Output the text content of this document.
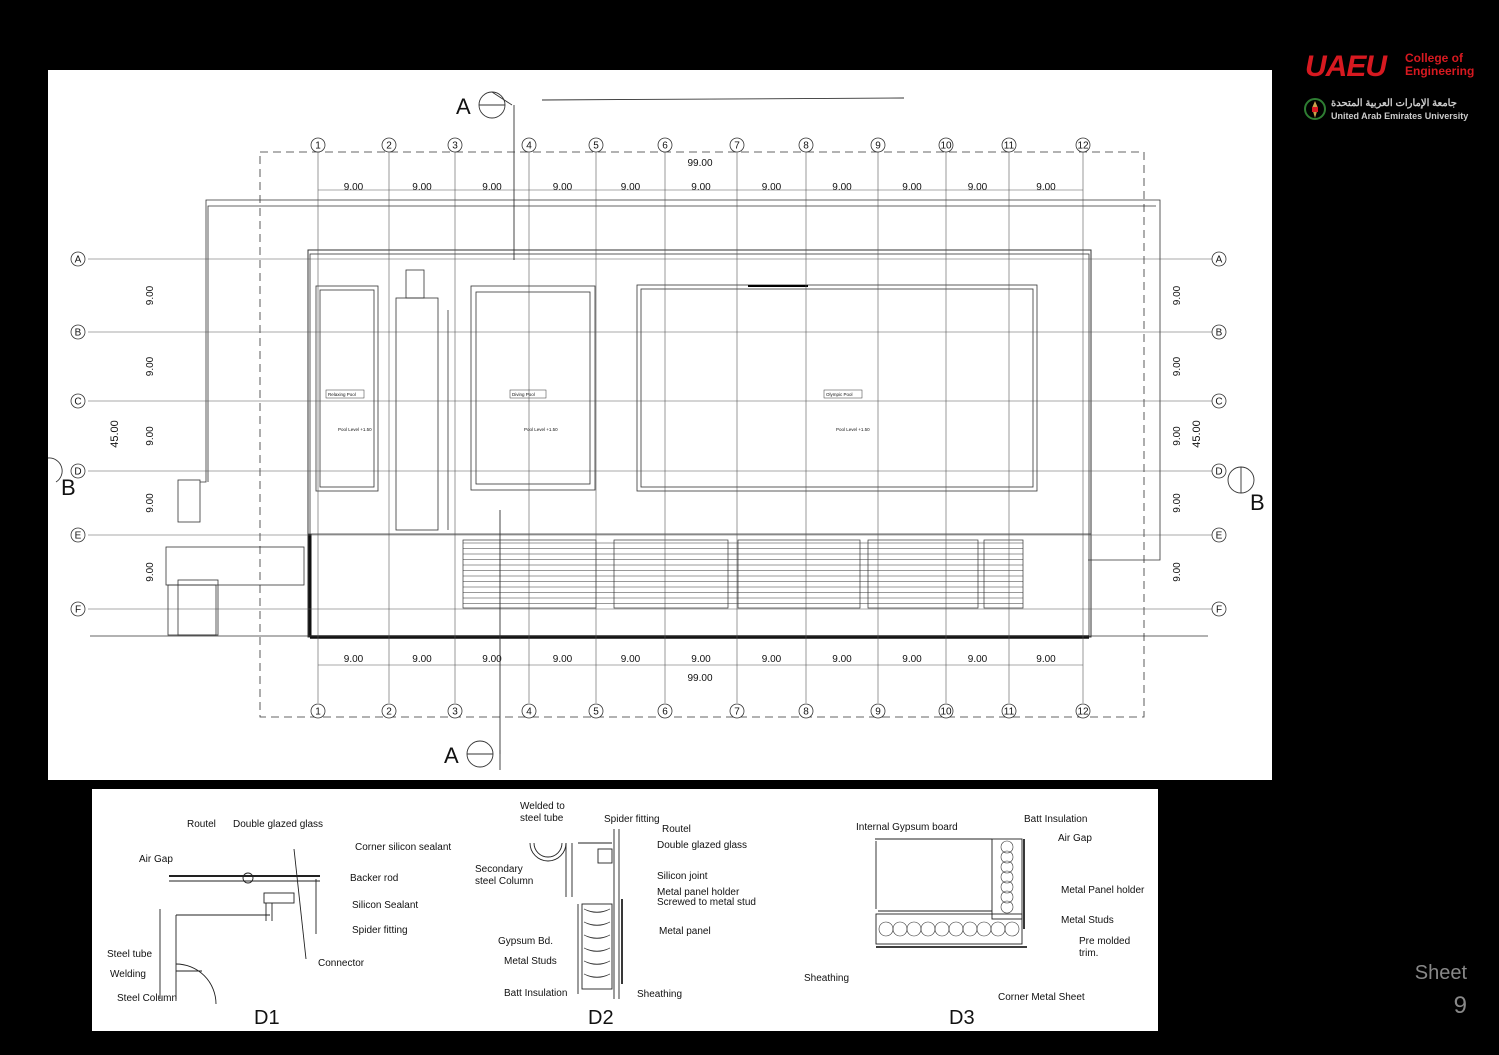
UAEU College of Engineering
جامعة الإمارات العربية المتحدة
United Arab Emirates University
Sheet
9
1
1
2
2
3
3
4
4
5
5
6
6
7
7
8
8
9
9
10
10
11
11
12
12
A	A
B	B
C	C
D	D
E	E
F	F
9.00
9.00
9.00
9.00
9.00
9.00
9.00
9.00
9.00
9.00
9.00
9.00
9.00
9.00
9.00
9.00
9.00
9.00
9.00
9.00
9.00
9.00
99.00
99.00
9.00	9.00
9.00	9.00
9.00	9.00
9.00	9.00
9.00	9.00
45.00	45.00
A
A
B
B
Relaxing Pool	Diving Pool	Olympic Pool
Pool Level +1.50	Pool Level +1.50	Pool Level +1.50
Routel Double glazed glass
Air Gap
Corner silicon sealant
Backer rod
Silicon Sealant
Spider fitting
Connector
Steel tube
Welding
Steel Column
Welded to
steel tube	Spider fitting
Routel
Double glazed glass
Secondary
steel Column	Silicon joint
Metal panel holder
Screwed to metal stud
Metal panel
Gypsum Bd.
Metal Studs
Batt Insulation	Sheathing
Internal Gypsum board
Batt Insulation
Air Gap
Metal Panel holder
Metal Studs
Pre molded
trim.
Sheathing
Corner Metal Sheet
D1	D2	D3
